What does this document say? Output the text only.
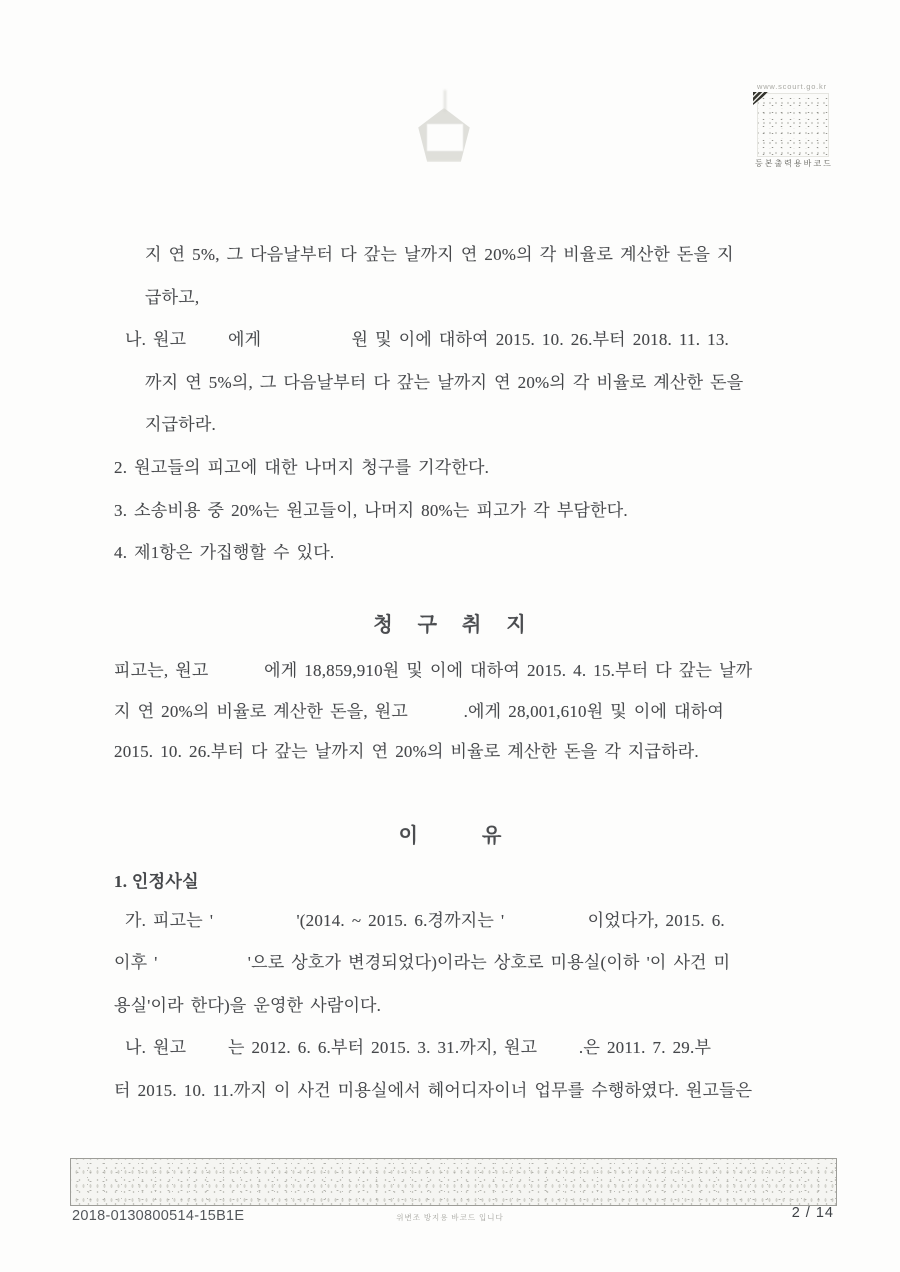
www.scourt.go.kr
등본출력용바코드
지 연 5%, 그 다음날부터 다 갚는 날까지 연 20%의 각 비율로 계산한 돈을 지
급하고,
나. 원고      에게             원 및 이에 대하여 2015. 10. 26.부터 2018. 11. 13.
까지 연 5%의, 그 다음날부터 다 갚는 날까지 연 20%의 각 비율로 계산한 돈을
지급하라.
2. 원고들의 피고에 대한 나머지 청구를 기각한다.
3. 소송비용 중 20%는 원고들이, 나머지 80%는 피고가 각 부담한다.
4. 제1항은 가집행할 수 있다.
청 구 취 지
피고는, 원고        에게 18,859,910원 및 이에 대하여 2015. 4. 15.부터 다 갚는 날까
지 연 20%의 비율로 계산한 돈을, 원고        .에게 28,001,610원 및 이에 대하여
2015. 10. 26.부터 다 갚는 날까지 연 20%의 비율로 계산한 돈을 각 지급하라.
이	유
1. 인정사실
가. 피고는 '            '(2014. ~ 2015. 6.경까지는 '            이었다가, 2015. 6.
이후 '             '으로 상호가 변경되었다)이라는 상호로 미용실(이하 '이 사건 미
용실'이라 한다)을 운영한 사람이다.
나. 원고      는 2012. 6. 6.부터 2015. 3. 31.까지, 원고      .은 2011. 7. 29.부
터 2015. 10. 11.까지 이 사건 미용실에서 헤어디자이너 업무를 수행하였다. 원고들은
2018-0130800514-15B1E	위변조 방지용 바코드 입니다	2 / 14
